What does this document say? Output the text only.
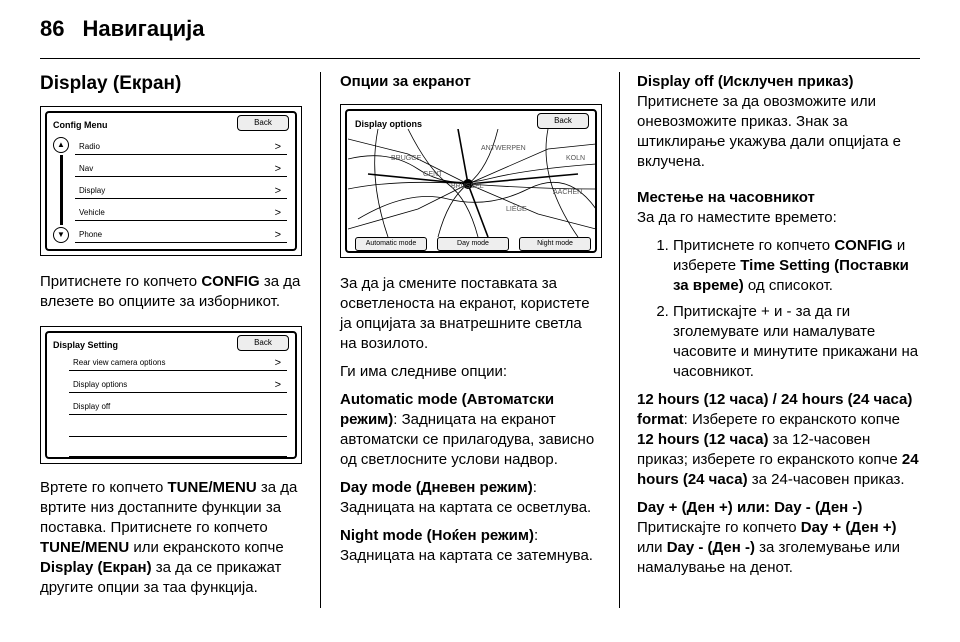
86 Навигација
Display (Екран)
Config Menu	Back
▲
▼
Radio	>
Nav	>
Display	>
Vehicle	>
Phone	>

Притиснете го копчето CONFIG за да влезете во опциите за изборникот.

Display Setting	Back
Rear view camera options	>
Display options	>
Display off

Вртете го копчето TUNE/MENU за да вртите низ достапните функции за поставка. Притиснете го копчето TUNE/MENU или екранското копче Display (Екран) за да се прикажат другите опции за таа функција.

Опции за екранот
Display options	Back
BRUGGE
GENT
BRUSSEL
LIÈGE
AACHEN
ANTWERPEN
KOLN
Automatic mode	Day mode	Night mode

За да ја смените поставката за осветленоста на екранот, користете ја опцијата за внатрешните светла на возилото.

Ги има следниве опции:

Automatic mode (Автоматски режим): Задницата на екранот автоматски се прилагодува, зависно од светлосните услови надвор.

Day mode (Дневен режим): Задницата на картата се осветлува.

Night mode (Ноќен режим): Задницата на картата се затемнува.

Display off (Исклучен приказ)

Притиснете за да овозможите или оневозможите приказ. Знак за штиклирање укажува дали опцијата е вклучена.

Местење на часовникот

За да го наместите времето:

1. Притиснете го копчето CONFIG и изберете Time Setting (Поставки за време) од списокот.
2. Притискајте + и - за да ги зголемувате или намалувате часовите и минутите прикажани на часовникот.

12 hours (12 часа) / 24 hours (24 часа) format: Изберете го екранското копче 12 hours (12 часа) за 12-часовен приказ; изберете го екранското копче 24 hours (24 часа) за 24-часовен приказ.

Day + (Ден +) или: Day - (Ден -)
Притискајте го копчето Day + (Ден +) или Day - (Ден -) за зголемување или намалување на денот.
